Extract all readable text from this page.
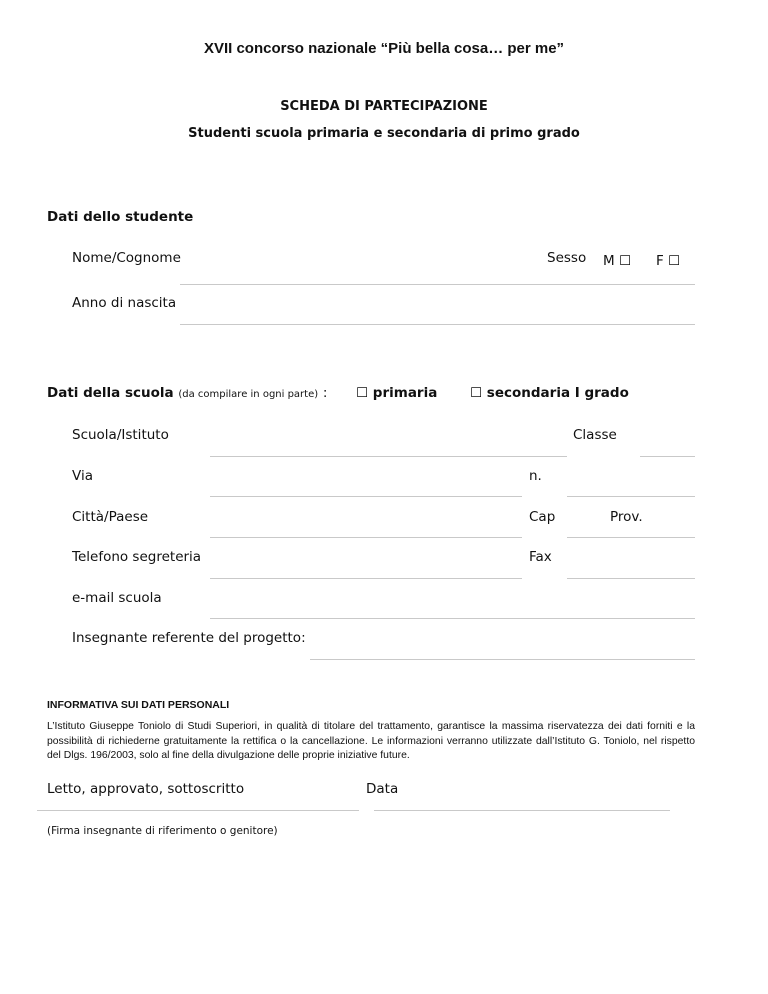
XVII concorso nazionale “Più bella cosa… per me”
SCHEDA DI PARTECIPAZIONE
Studenti scuola primaria e secondaria di primo grado
Dati dello studente
Nome/Cognome	Sesso M ☐ F ☐
Anno di nascita
Dati della scuola (da compilare in ogni parte) : ☐ primaria ☐ secondaria I grado
Scuola/Istituto	Classe
Via	n.
Città/Paese	Cap	Prov.
Telefono segreteria	Fax
e-mail scuola
Insegnante referente del progetto:
INFORMATIVA SUI DATI PERSONALI
L’Istituto Giuseppe Toniolo di Studi Superiori, in qualità di titolare del trattamento, garantisce la massima riservatezza dei dati forniti e la possibilità di richiederne gratuitamente la rettifica o la cancellazione. Le informazioni verranno utilizzate dall’Istituto G. Toniolo, nel rispetto del Dlgs. 196/2003, solo al fine della divulgazione delle proprie iniziative future.
Letto, approvato, sottoscritto	Data
(Firma insegnante di riferimento o genitore)
